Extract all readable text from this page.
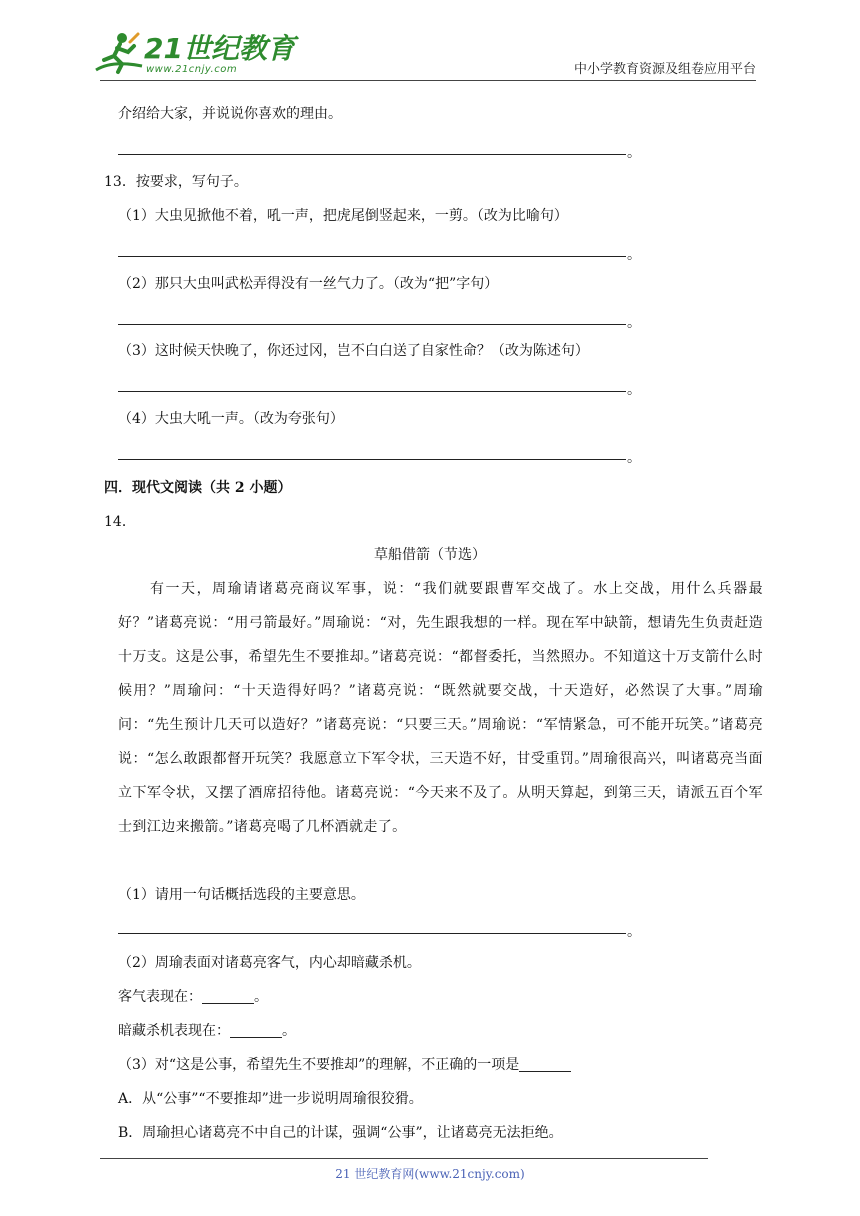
21世纪教育
www.21cnjy.com	中小学教育资源及组卷应用平台
介绍给大家，并说说你喜欢的理由。
。
13．按要求，写句子。
（1）大虫见掀他不着，吼一声，把虎尾倒竖起来，一剪。（改为比喻句）
。
（2）那只大虫叫武松弄得没有一丝气力了。（改为“把”字句）
。
（3）这时候天快晚了，你还过冈，岂不白白送了自家性命？（改为陈述句）
。
（4）大虫大吼一声。（改为夸张句）
。
四．现代文阅读（共 2 小题）
14．
草船借箭（节选）
有一天，周瑜请诸葛亮商议军事，说：“我们就要跟曹军交战了。水上交战，用什么兵器最好？”诸葛亮说：“用弓箭最好。”周瑜说：“对，先生跟我想的一样。现在军中缺箭，想请先生负责赶造十万支。这是公事，希望先生不要推却。”诸葛亮说：“都督委托，当然照办。不知道这十万支箭什么时候用？”周瑜问：“十天造得好吗？”诸葛亮说：“既然就要交战，十天造好，必然误了大事。”周瑜问：“先生预计几天可以造好？”诸葛亮说：“只要三天。”周瑜说：“军情紧急，可不能开玩笑。”诸葛亮说：“怎么敢跟都督开玩笑？我愿意立下军令状，三天造不好，甘受重罚。”周瑜很高兴，叫诸葛亮当面立下军令状，又摆了酒席招待他。诸葛亮说：“今天来不及了。从明天算起，到第三天，请派五百个军士到江边来搬箭。”诸葛亮喝了几杯酒就走了。
（1）请用一句话概括选段的主要意思。
。
（2）周瑜表面对诸葛亮客气，内心却暗藏杀机。
客气表现在：	。
暗藏杀机表现在：	。
（3）对“这是公事，希望先生不要推却”的理解，不正确的一项是
A．从“公事”“不要推却”进一步说明周瑜很狡猾。
B．周瑜担心诸葛亮不中自己的计谋，强调“公事”，让诸葛亮无法拒绝。
21 世纪教育网(www.21cnjy.com)
